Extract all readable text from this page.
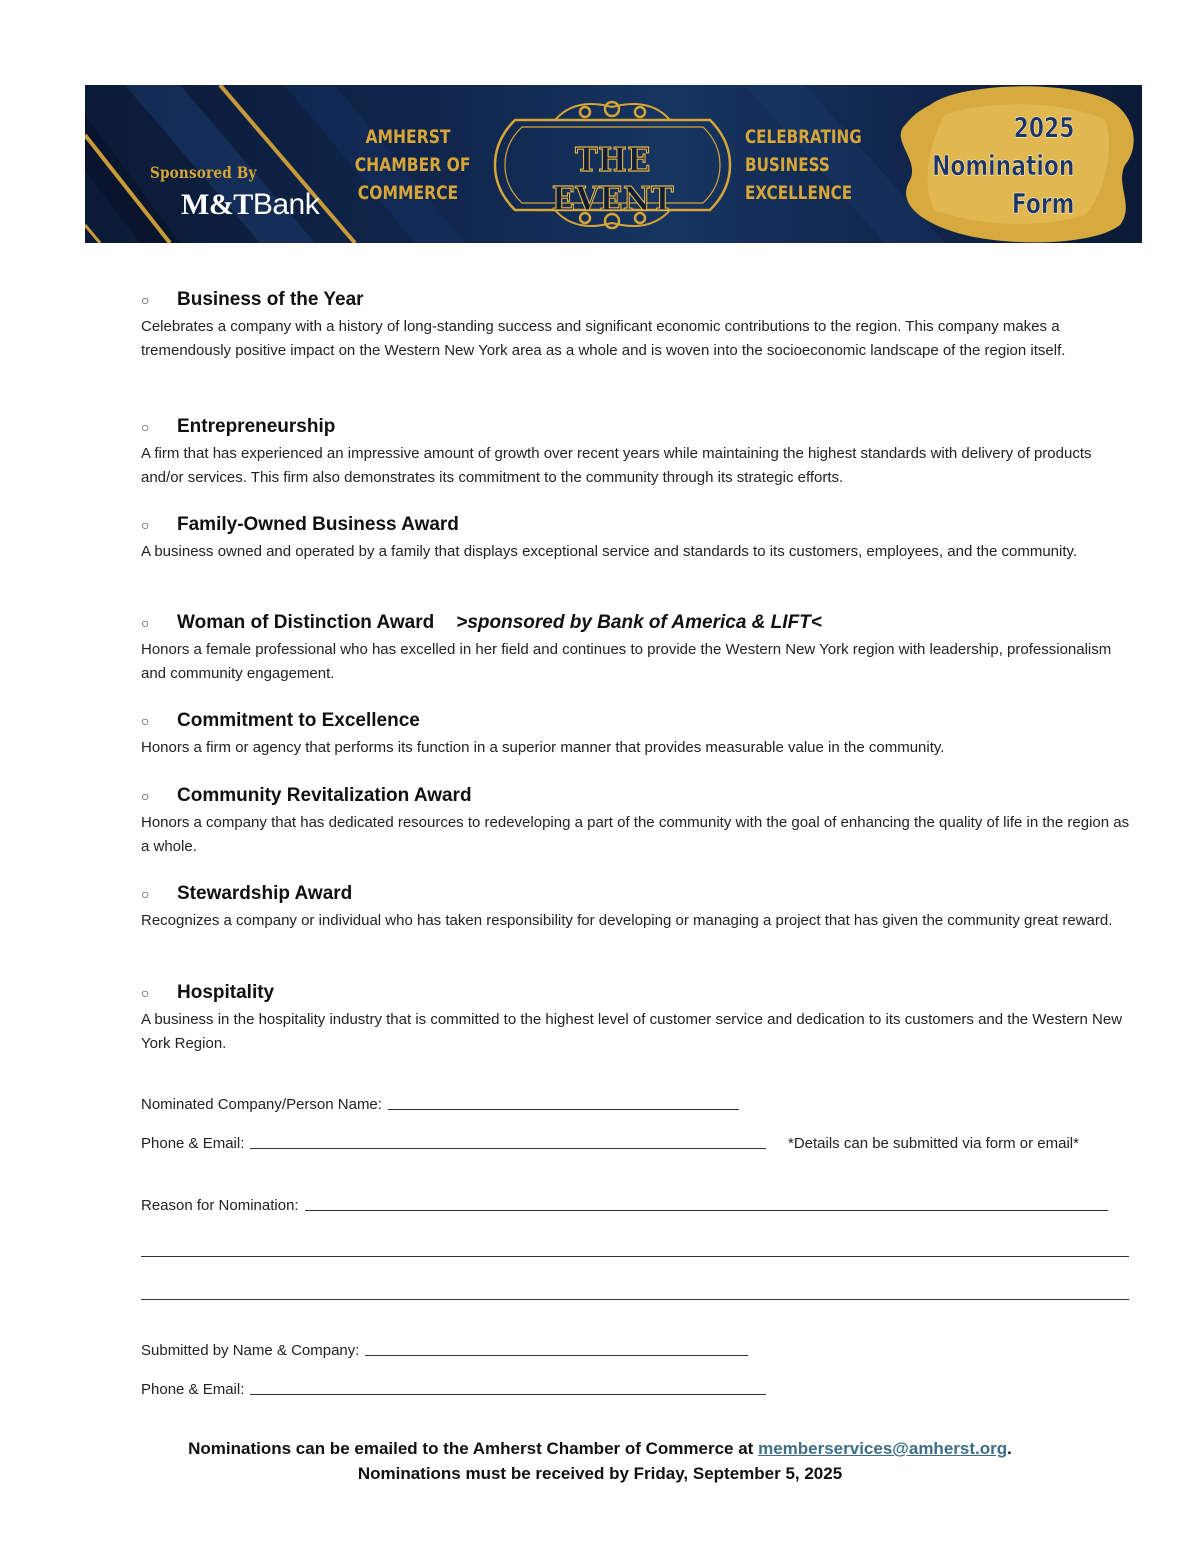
Sponsored By
M&TBank
AMHERST
CHAMBER OF
COMMERCE
THE EVENT
CELEBRATING
BUSINESS
EXCELLENCE
2025
Nomination
Form
○	Business of the Year
Celebrates a company with a history of long-standing success and significant economic contributions to the region. This company makes a tremendously positive impact on the Western New York area as a whole and is woven into the socioeconomic landscape of the region itself.
○	Entrepreneurship
A firm that has experienced an impressive amount of growth over recent years while maintaining the highest standards with delivery of products and/or services. This firm also demonstrates its commitment to the community through its strategic efforts.
○	Family-Owned Business Award
A business owned and operated by a family that displays exceptional service and standards to its customers, employees, and the community.
○	Woman of Distinction Award >sponsored by Bank of America & LIFT<
Honors a female professional who has excelled in her field and continues to provide the Western New York region with leadership, professionalism and community engagement.
○	Commitment to Excellence
Honors a firm or agency that performs its function in a superior manner that provides measurable value in the community.
○	Community Revitalization Award
Honors a company that has dedicated resources to redeveloping a part of the community with the goal of enhancing the quality of life in the region as a whole.
○	Stewardship Award
Recognizes a company or individual who has taken responsibility for developing or managing a project that has given the community great reward.
○	Hospitality
A business in the hospitality industry that is committed to the highest level of customer service and dedication to its customers and the Western New York Region.
Nominated Company/Person Name:
Phone & Email:	*Details can be submitted via form or email*
Reason for Nomination:
Submitted by Name & Company:
Phone & Email:
Nominations can be emailed to the Amherst Chamber of Commerce at memberservices@amherst.org.
Nominations must be received by Friday, September 5, 2025
